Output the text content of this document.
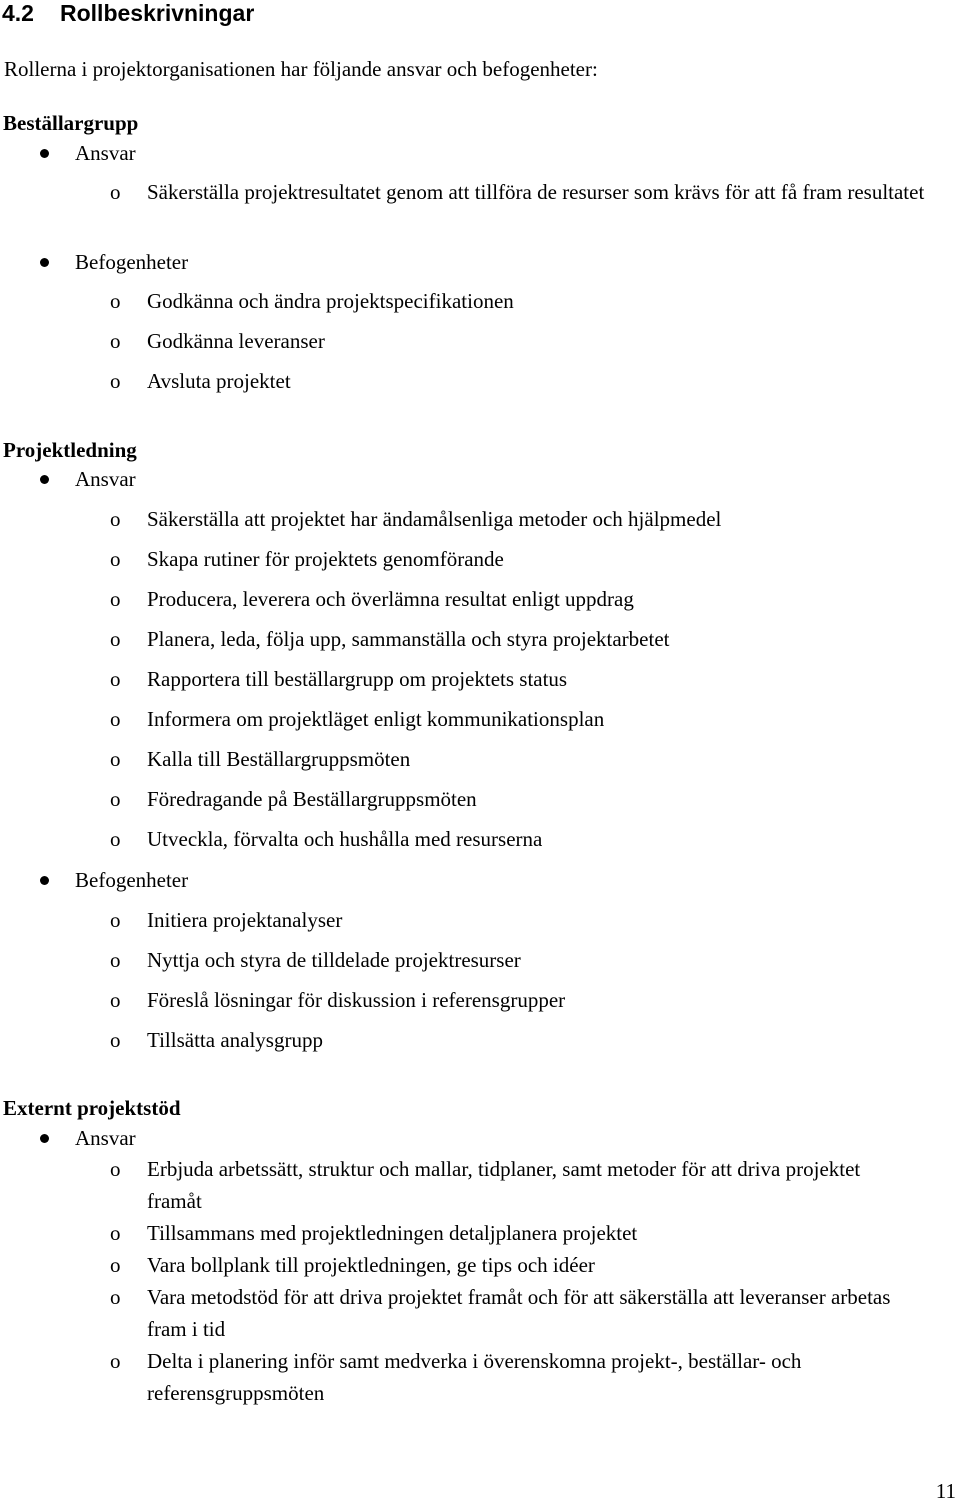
4.2 Rollbeskrivningar

Rollerna i projektorganisationen har följande ansvar och befogenheter:

Beställargrupp
Ansvar
o Säkerställa projektresultatet genom att tillföra de resurser som krävs för att få fram resultatet
Befogenheter
o Godkänna och ändra projektspecifikationen
o Godkänna leveranser
o Avsluta projektet
Projektledning
Ansvar
o Säkerställa att projektet har ändamålsenliga metoder och hjälpmedel
o Skapa rutiner för projektets genomförande
o Producera, leverera och överlämna resultat enligt uppdrag
o Planera, leda, följa upp, sammanställa och styra projektarbetet
o Rapportera till beställargrupp om projektets status
o Informera om projektläget enligt kommunikationsplan
o Kalla till Beställargruppsmöten
o Föredragande på Beställargruppsmöten
o Utveckla, förvalta och hushålla med resurserna
Befogenheter
o Initiera projektanalyser
o Nyttja och styra de tilldelade projektresurser
o Föreslå lösningar för diskussion i referensgrupper
o Tillsätta analysgrupp
Externt projektstöd
Ansvar
o Erbjuda arbetssätt, struktur och mallar, tidplaner, samt metoder för att driva projektet framåt
o Tillsammans med projektledningen detaljplanera projektet
o Vara bollplank till projektledningen, ge tips och idéer
o Vara metodstöd för att driva projektet framåt och för att säkerställa att leveranser arbetas fram i tid
o Delta i planering inför samt medverka i överenskomna projekt-, beställar- och referensgruppsmöten
11
